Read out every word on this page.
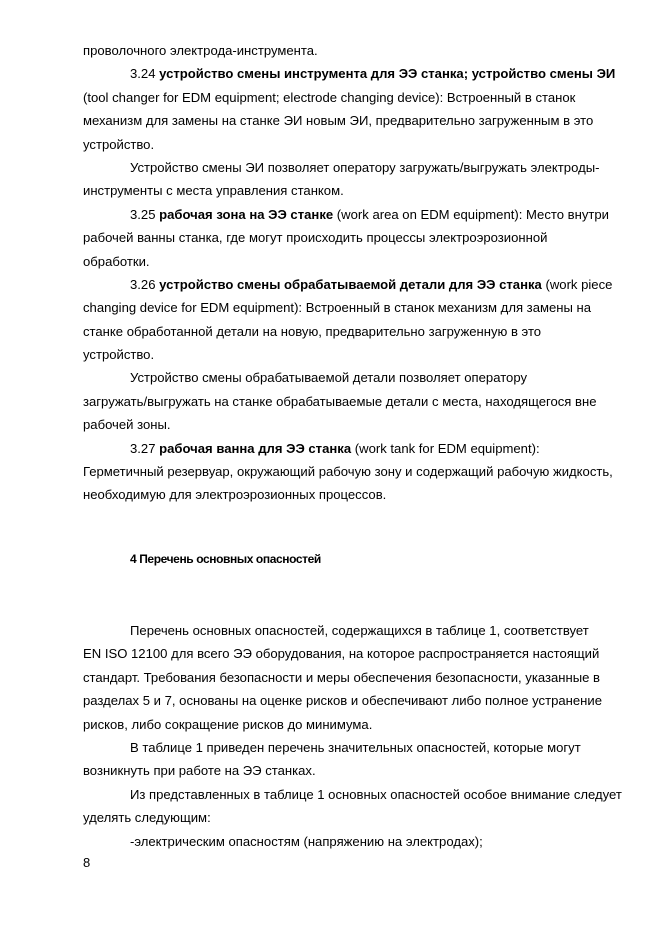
проволочного электрода-инструмента.
3.24 устройство смены инструмента для ЭЭ станка; устройство смены ЭИ
(tool changer for EDM equipment; electrode changing device): Встроенный в станок
механизм для замены на станке ЭИ новым ЭИ, предварительно загруженным в это
устройство.
Устройство смены ЭИ позволяет оператору загружать/выгружать электроды-
инструменты с места управления станком.
3.25 рабочая зона на ЭЭ станке (work area on EDM equipment): Место внутри
рабочей ванны станка, где могут происходить процессы электроэрозионной
обработки.
3.26 устройство смены обрабатываемой детали для ЭЭ станка (work piece
changing device for EDM equipment): Встроенный в станок механизм для замены на
станке обработанной детали на новую, предварительно загруженную в это
устройство.
Устройство смены обрабатываемой детали позволяет оператору
загружать/выгружать на станке обрабатываемые детали с места, находящегося вне
рабочей зоны.
3.27 рабочая ванна для ЭЭ станка (work tank for EDM equipment):
Герметичный резервуар, окружающий рабочую зону и содержащий рабочую жидкость,
необходимую для электроэрозионных процессов.
4 Перечень основных опасностей
Перечень основных опасностей, содержащихся в таблице 1, соответствует
EN ISO 12100 для всего ЭЭ оборудования, на которое распространяется настоящий
стандарт. Требования безопасности и меры обеспечения безопасности, указанные в
разделах 5 и 7, основаны на оценке рисков и обеспечивают либо полное устранение
рисков, либо сокращение рисков до минимума.
В таблице 1 приведен перечень значительных опасностей, которые могут
возникнуть при работе на ЭЭ станках.
Из представленных в таблице 1 основных опасностей особое внимание следует
уделять следующим:
-электрическим опасностям (напряжению на электродах);
8
